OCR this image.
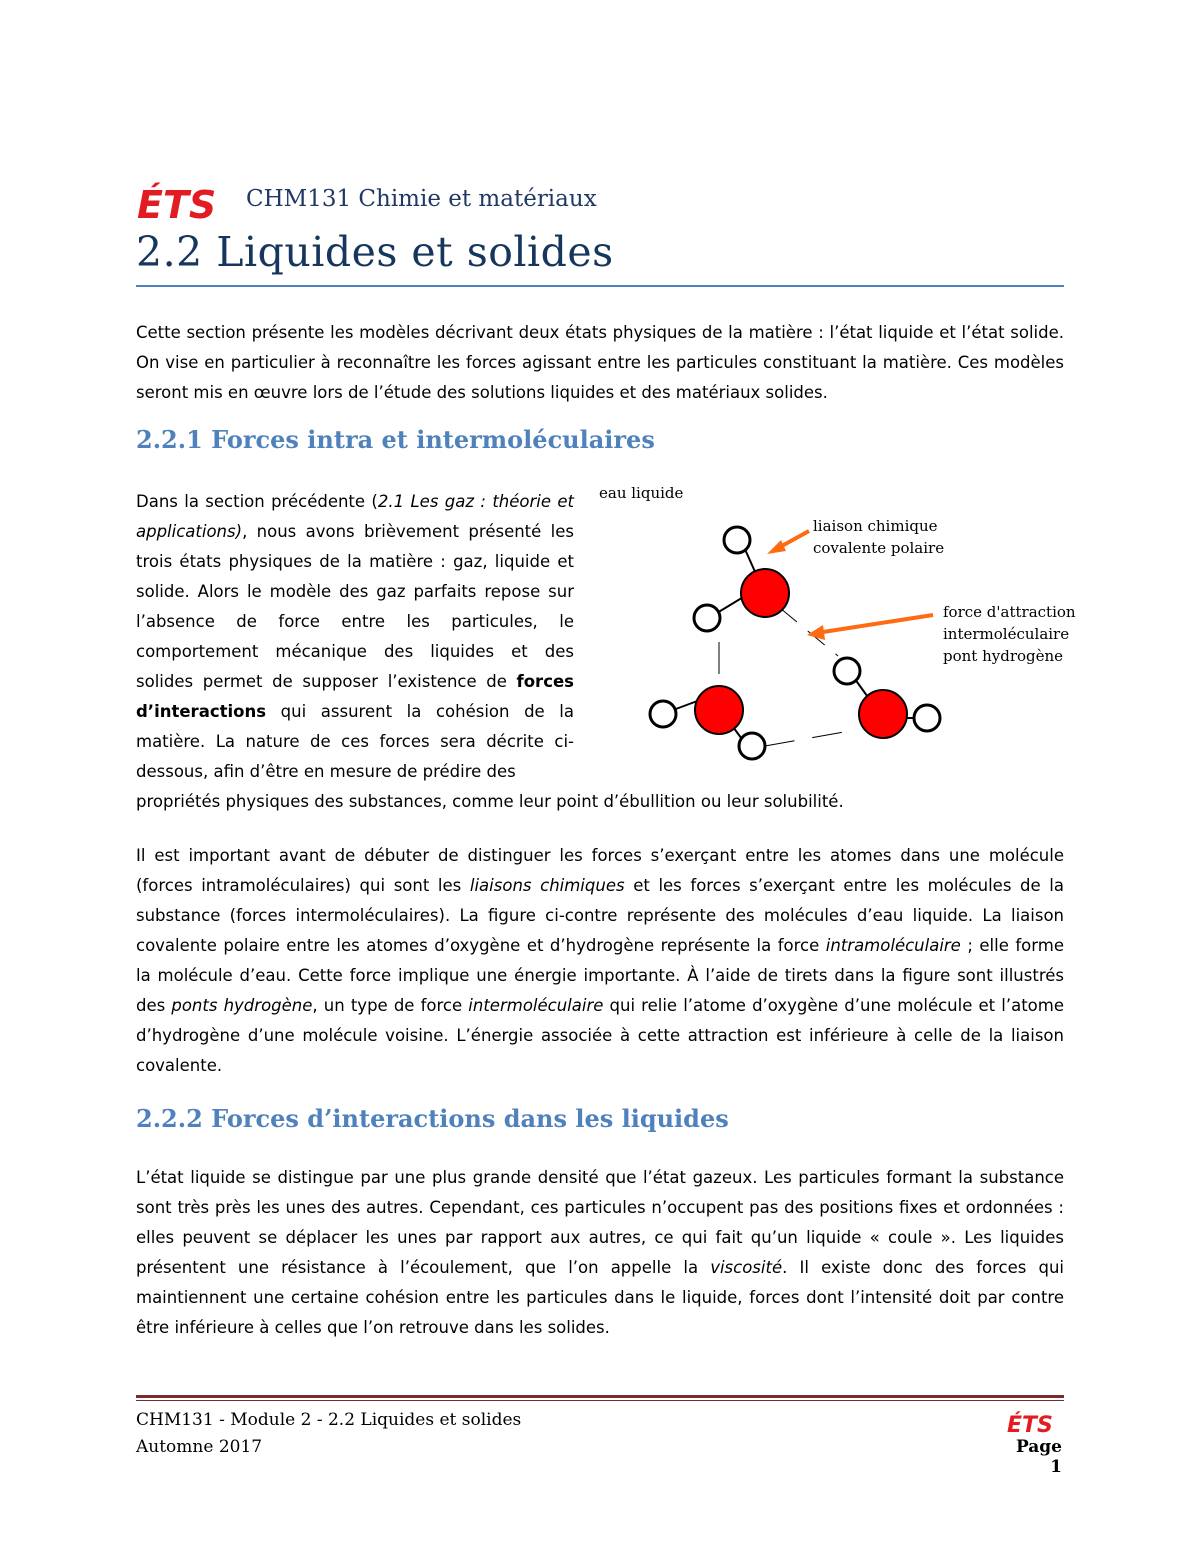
ÉTS CHM131 Chimie et matériaux
2.2 Liquides et solides
Cette section présente les modèles décrivant deux états physiques de la matière : l’état liquide et l’état solide. On vise en particulier à reconnaître les forces agissant entre les particules constituant la matière. Ces modèles seront mis en œuvre lors de l’étude des solutions liquides et des matériaux solides.
2.2.1 Forces intra et intermoléculaires
Dans la section précédente (2.1 Les gaz : théorie et applications), nous avons brièvement présenté les trois états physiques de la matière : gaz, liquide et solide. Alors le modèle des gaz parfaits repose sur l’absence de force entre les particules, le comportement mécanique des liquides et des solides permet de supposer l’existence de forces d’interactions qui assurent la cohésion de la matière. La nature de ces forces sera décrite ci-dessous, afin d’être en mesure de prédire des
propriétés physiques des substances, comme leur point d’ébullition ou leur solubilité.
eau liquide
liaison chimique
covalente polaire
force d'attraction
intermoléculaire
pont hydrogène
Il est important avant de débuter de distinguer les forces s’exerçant entre les atomes dans une molécule (forces intramoléculaires) qui sont les liaisons chimiques et les forces s’exerçant entre les molécules de la substance (forces intermoléculaires). La figure ci-contre représente des molécules d’eau liquide. La liaison covalente polaire entre les atomes d’oxygène et d’hydrogène représente la force intramoléculaire ; elle forme la molécule d’eau. Cette force implique une énergie importante. À l’aide de tirets dans la figure sont illustrés des ponts hydrogène, un type de force intermoléculaire qui relie l’atome d’oxygène d’une molécule et l’atome d’hydrogène d’une molécule voisine. L’énergie associée à cette attraction est inférieure à celle de la liaison covalente.
2.2.2 Forces d’interactions dans les liquides
L’état liquide se distingue par une plus grande densité que l’état gazeux. Les particules formant la substance sont très près les unes des autres. Cependant, ces particules n’occupent pas des positions fixes et ordonnées : elles peuvent se déplacer les unes par rapport aux autres, ce qui fait qu’un liquide « coule ». Les liquides présentent une résistance à l’écoulement, que l’on appelle la viscosité. Il existe donc des forces qui maintiennent une certaine cohésion entre les particules dans le liquide, forces dont l’intensité doit par contre être inférieure à celles que l’on retrouve dans les solides.
CHM131 - Module 2 - 2.2 Liquides et solides
Automne 2017
ÉTS
Page 1
